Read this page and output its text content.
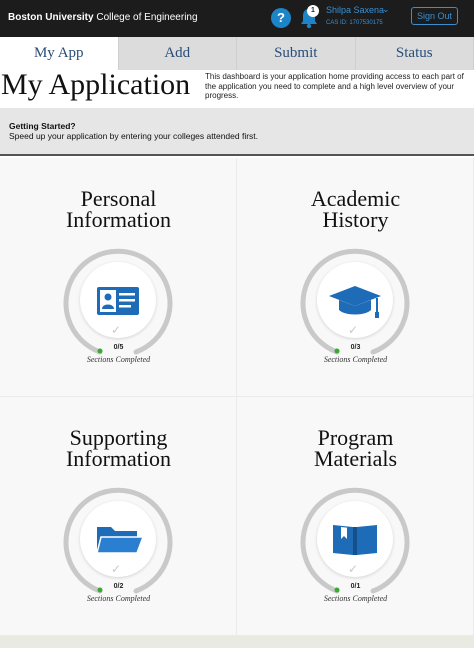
Boston University College of Engineering	?	1	Shilpa Saxena
⌄
CAS ID: 1707530175
Sign Out
My App	Add	Submit	Status
My Application This dashboard is your application home providing access to each part of the application you need to complete and a high level overview of your progress.
Getting Started?
Speed up your application by entering your colleges attended first.
Personal
Information
✓
0/5
Sections Completed
Academic
History
✓
0/3
Sections Completed
Supporting
Information
✓
0/2
Sections Completed
Program
Materials
✓
0/1
Sections Completed
